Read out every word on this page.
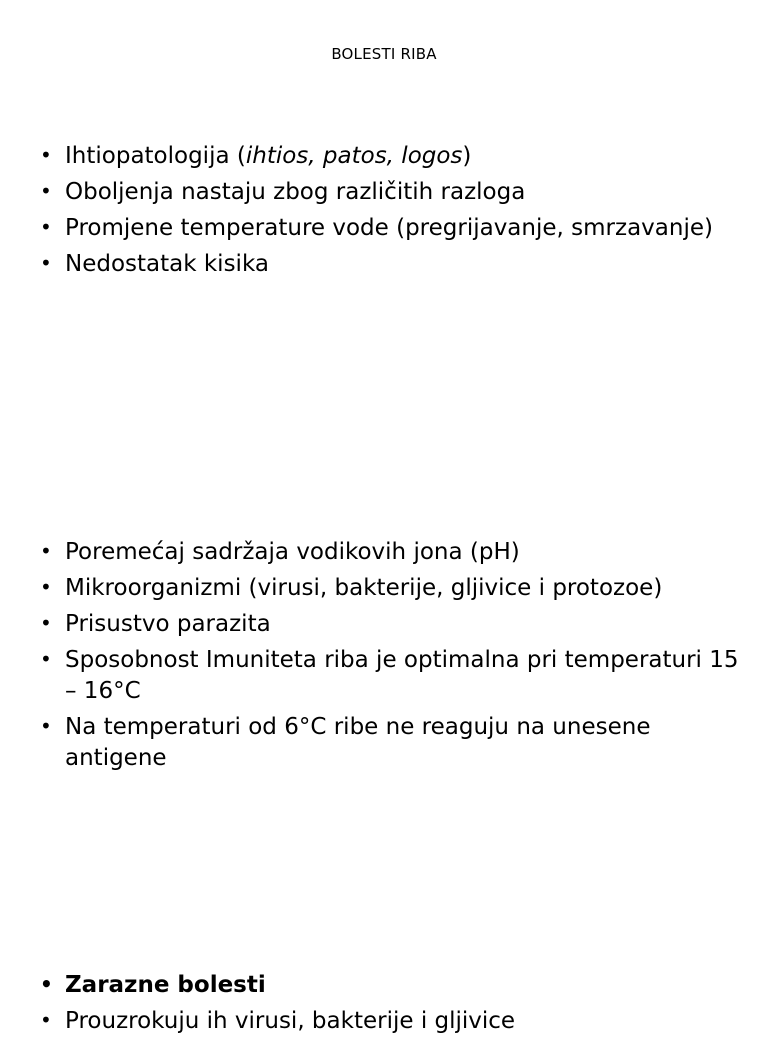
BOLESTI RIBA
• Ihtiopatologija (ihtios, patos, logos)
• Oboljenja nastaju zbog različitih razloga
• Promjene temperature vode (pregrijavanje, smrzavanje)
• Nedostatak kisika
• Poremećaj sadržaja vodikovih jona (pH)
• Mikroorganizmi (virusi, bakterije, gljivice i protozoe)
• Prisustvo parazita
• Sposobnost Imuniteta riba je optimalna pri temperaturi 15 – 16°C
• Na temperaturi od 6°C ribe ne reaguju na unesene antigene
• Zarazne bolesti
• Prouzrokuju ih virusi, bakterije i gljivice
